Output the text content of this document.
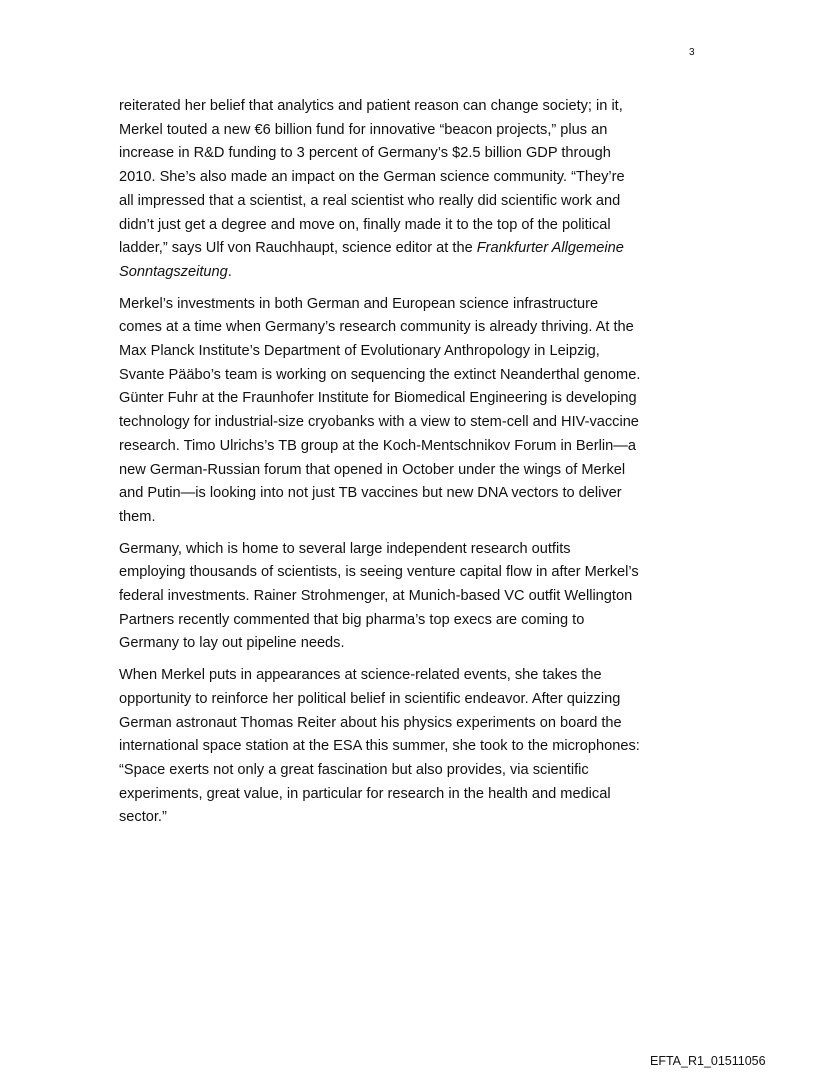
3

reiterated her belief that analytics and patient reason can change society; in it,
Merkel touted a new €6 billion fund for innovative “beacon projects,” plus an
increase in R&D funding to 3 percent of Germany’s $2.5 billion GDP through
2010. She’s also made an impact on the German science community. “They’re
all impressed that a scientist, a real scientist who really did scientific work and
didn’t just get a degree and move on, finally made it to the top of the political
ladder,” says Ulf von Rauchhaupt, science editor at the Frankfurter Allgemeine
Sonntagszeitung.

Merkel’s investments in both German and European science infrastructure
comes at a time when Germany’s research community is already thriving. At the
Max Planck Institute’s Department of Evolutionary Anthropology in Leipzig,
Svante Pääbo’s team is working on sequencing the extinct Neanderthal genome.
Günter Fuhr at the Fraunhofer Institute for Biomedical Engineering is developing
technology for industrial-size cryobanks with a view to stem-cell and HIV-vaccine
research. Timo Ulrichs’s TB group at the Koch-Mentschnikov Forum in Berlin—a
new German-Russian forum that opened in October under the wings of Merkel
and Putin—is looking into not just TB vaccines but new DNA vectors to deliver
them.

Germany, which is home to several large independent research outfits
employing thousands of scientists, is seeing venture capital flow in after Merkel’s
federal investments. Rainer Strohmenger, at Munich-based VC outfit Wellington
Partners recently commented that big pharma’s top execs are coming to
Germany to lay out pipeline needs.

When Merkel puts in appearances at science-related events, she takes the
opportunity to reinforce her political belief in scientific endeavor. After quizzing
German astronaut Thomas Reiter about his physics experiments on board the
international space station at the ESA this summer, she took to the microphones:
“Space exerts not only a great fascination but also provides, via scientific
experiments, great value, in particular for research in the health and medical
sector.”

EFTA_R1_01511056
